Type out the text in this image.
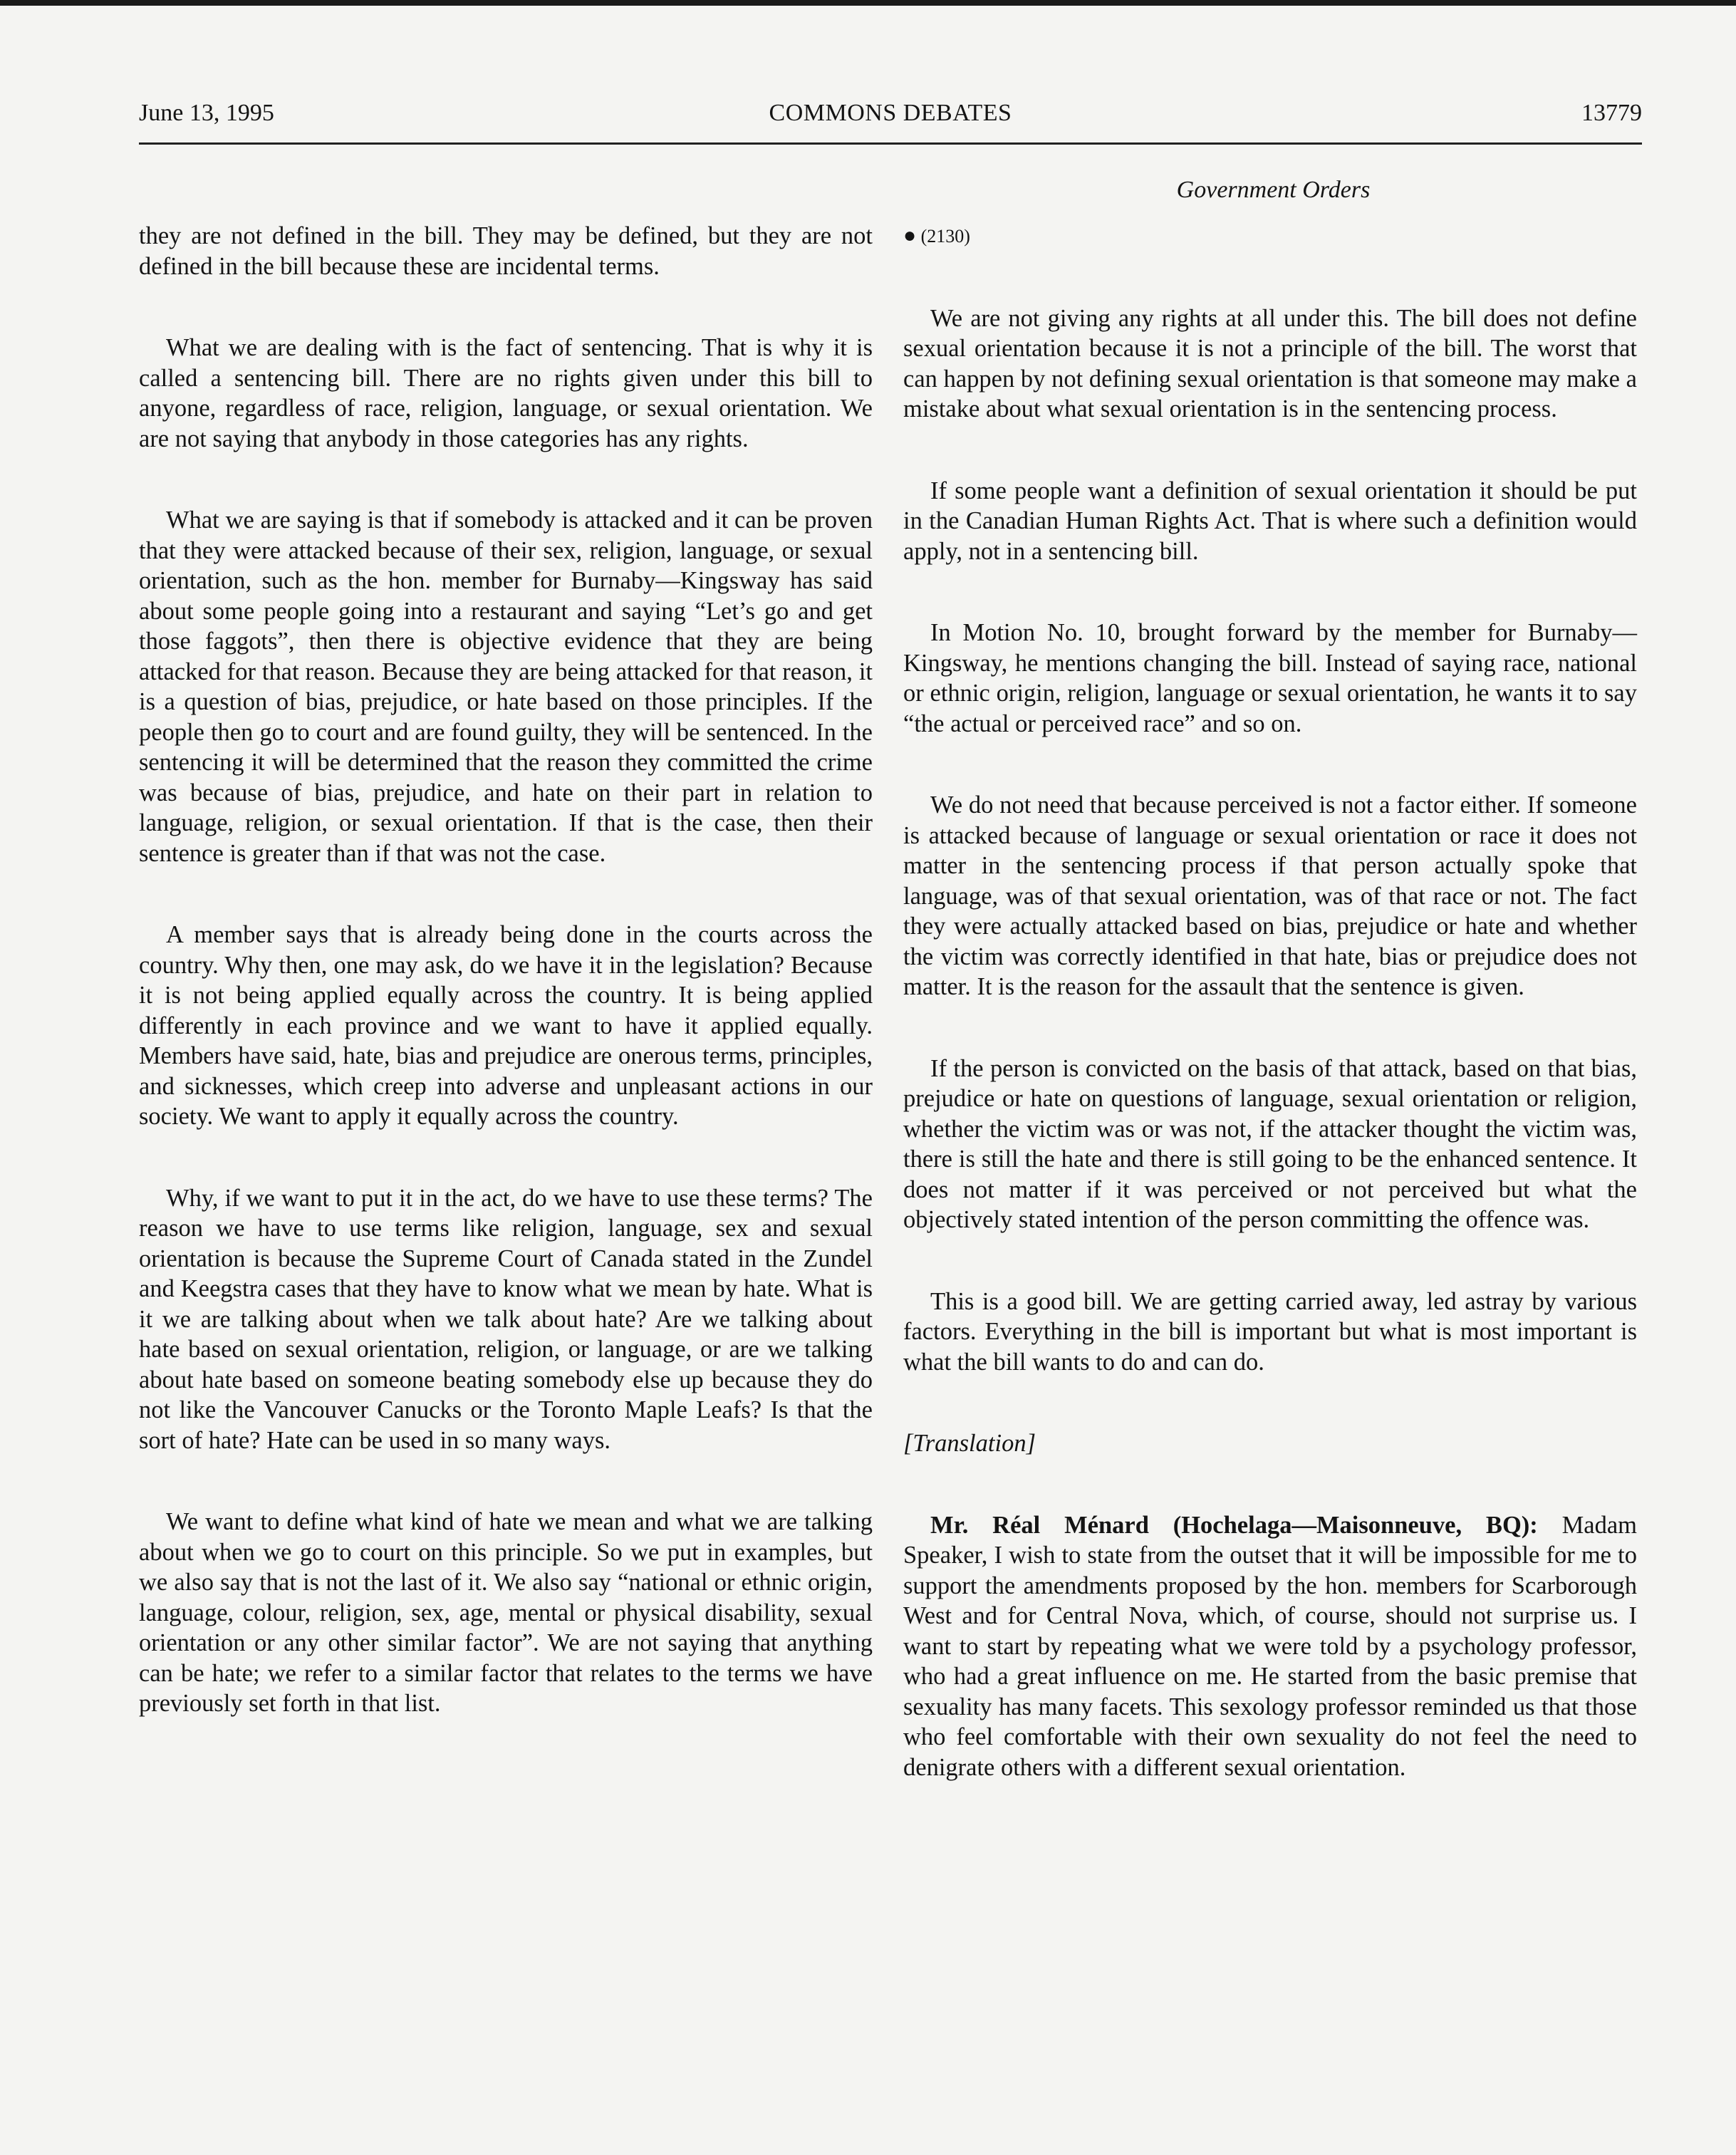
June 13, 1995	COMMONS DEBATES	13779
Government Orders

they are not defined in the bill. They may be defined, but they are not defined in the bill because these are incidental terms.

What we are dealing with is the fact of sentencing. That is why it is called a sentencing bill. There are no rights given under this bill to anyone, regardless of race, religion, language, or sexual orientation. We are not saying that anybody in those categories has any rights.

What we are saying is that if somebody is attacked and it can be proven that they were attacked because of their sex, religion, language, or sexual orientation, such as the hon. member for Burnaby—Kingsway has said about some people going into a restaurant and saying “Let’s go and get those faggots”, then there is objective evidence that they are being attacked for that reason. Because they are being attacked for that reason, it is a question of bias, prejudice, or hate based on those principles. If the people then go to court and are found guilty, they will be sentenced. In the sentencing it will be determined that the reason they committed the crime was because of bias, prejudice, and hate on their part in relation to language, religion, or sexual orientation. If that is the case, then their sentence is greater than if that was not the case.

A member says that is already being done in the courts across the country. Why then, one may ask, do we have it in the legislation? Because it is not being applied equally across the country. It is being applied differently in each province and we want to have it applied equally. Members have said, hate, bias and prejudice are onerous terms, principles, and sicknesses, which creep into adverse and unpleasant actions in our society. We want to apply it equally across the country.

Why, if we want to put it in the act, do we have to use these terms? The reason we have to use terms like religion, language, sex and sexual orientation is because the Supreme Court of Canada stated in the Zundel and Keegstra cases that they have to know what we mean by hate. What is it we are talking about when we talk about hate? Are we talking about hate based on sexual orientation, religion, or language, or are we talking about hate based on someone beating somebody else up because they do not like the Vancouver Canucks or the Toronto Maple Leafs? Is that the sort of hate? Hate can be used in so many ways.

We want to define what kind of hate we mean and what we are talking about when we go to court on this principle. So we put in examples, but we also say that is not the last of it. We also say “national or ethnic origin, language, colour, religion, sex, age, mental or physical disability, sexual orientation or any other similar factor”. We are not saying that anything can be hate; we refer to a similar factor that relates to the terms we have previously set forth in that list.

● (2130)

We are not giving any rights at all under this. The bill does not define sexual orientation because it is not a principle of the bill. The worst that can happen by not defining sexual orientation is that someone may make a mistake about what sexual orientation is in the sentencing process.

If some people want a definition of sexual orientation it should be put in the Canadian Human Rights Act. That is where such a definition would apply, not in a sentencing bill.

In Motion No. 10, brought forward by the member for Burnaby—Kingsway, he mentions changing the bill. Instead of saying race, national or ethnic origin, religion, language or sexual orientation, he wants it to say “the actual or perceived race” and so on.

We do not need that because perceived is not a factor either. If someone is attacked because of language or sexual orientation or race it does not matter in the sentencing process if that person actually spoke that language, was of that sexual orientation, was of that race or not. The fact they were actually attacked based on bias, prejudice or hate and whether the victim was correctly identified in that hate, bias or prejudice does not matter. It is the reason for the assault that the sentence is given.

If the person is convicted on the basis of that attack, based on that bias, prejudice or hate on questions of language, sexual orientation or religion, whether the victim was or was not, if the attacker thought the victim was, there is still the hate and there is still going to be the enhanced sentence. It does not matter if it was perceived or not perceived but what the objectively stated intention of the person committing the offence was.

This is a good bill. We are getting carried away, led astray by various factors. Everything in the bill is important but what is most important is what the bill wants to do and can do.

[Translation]

Mr. Réal Ménard (Hochelaga—Maisonneuve, BQ): Madam Speaker, I wish to state from the outset that it will be impossible for me to support the amendments proposed by the hon. members for Scarborough West and for Central Nova, which, of course, should not surprise us. I want to start by repeating what we were told by a psychology professor, who had a great influence on me. He started from the basic premise that sexuality has many facets. This sexology professor reminded us that those who feel comfortable with their own sexuality do not feel the need to denigrate others with a different sexual orientation.
